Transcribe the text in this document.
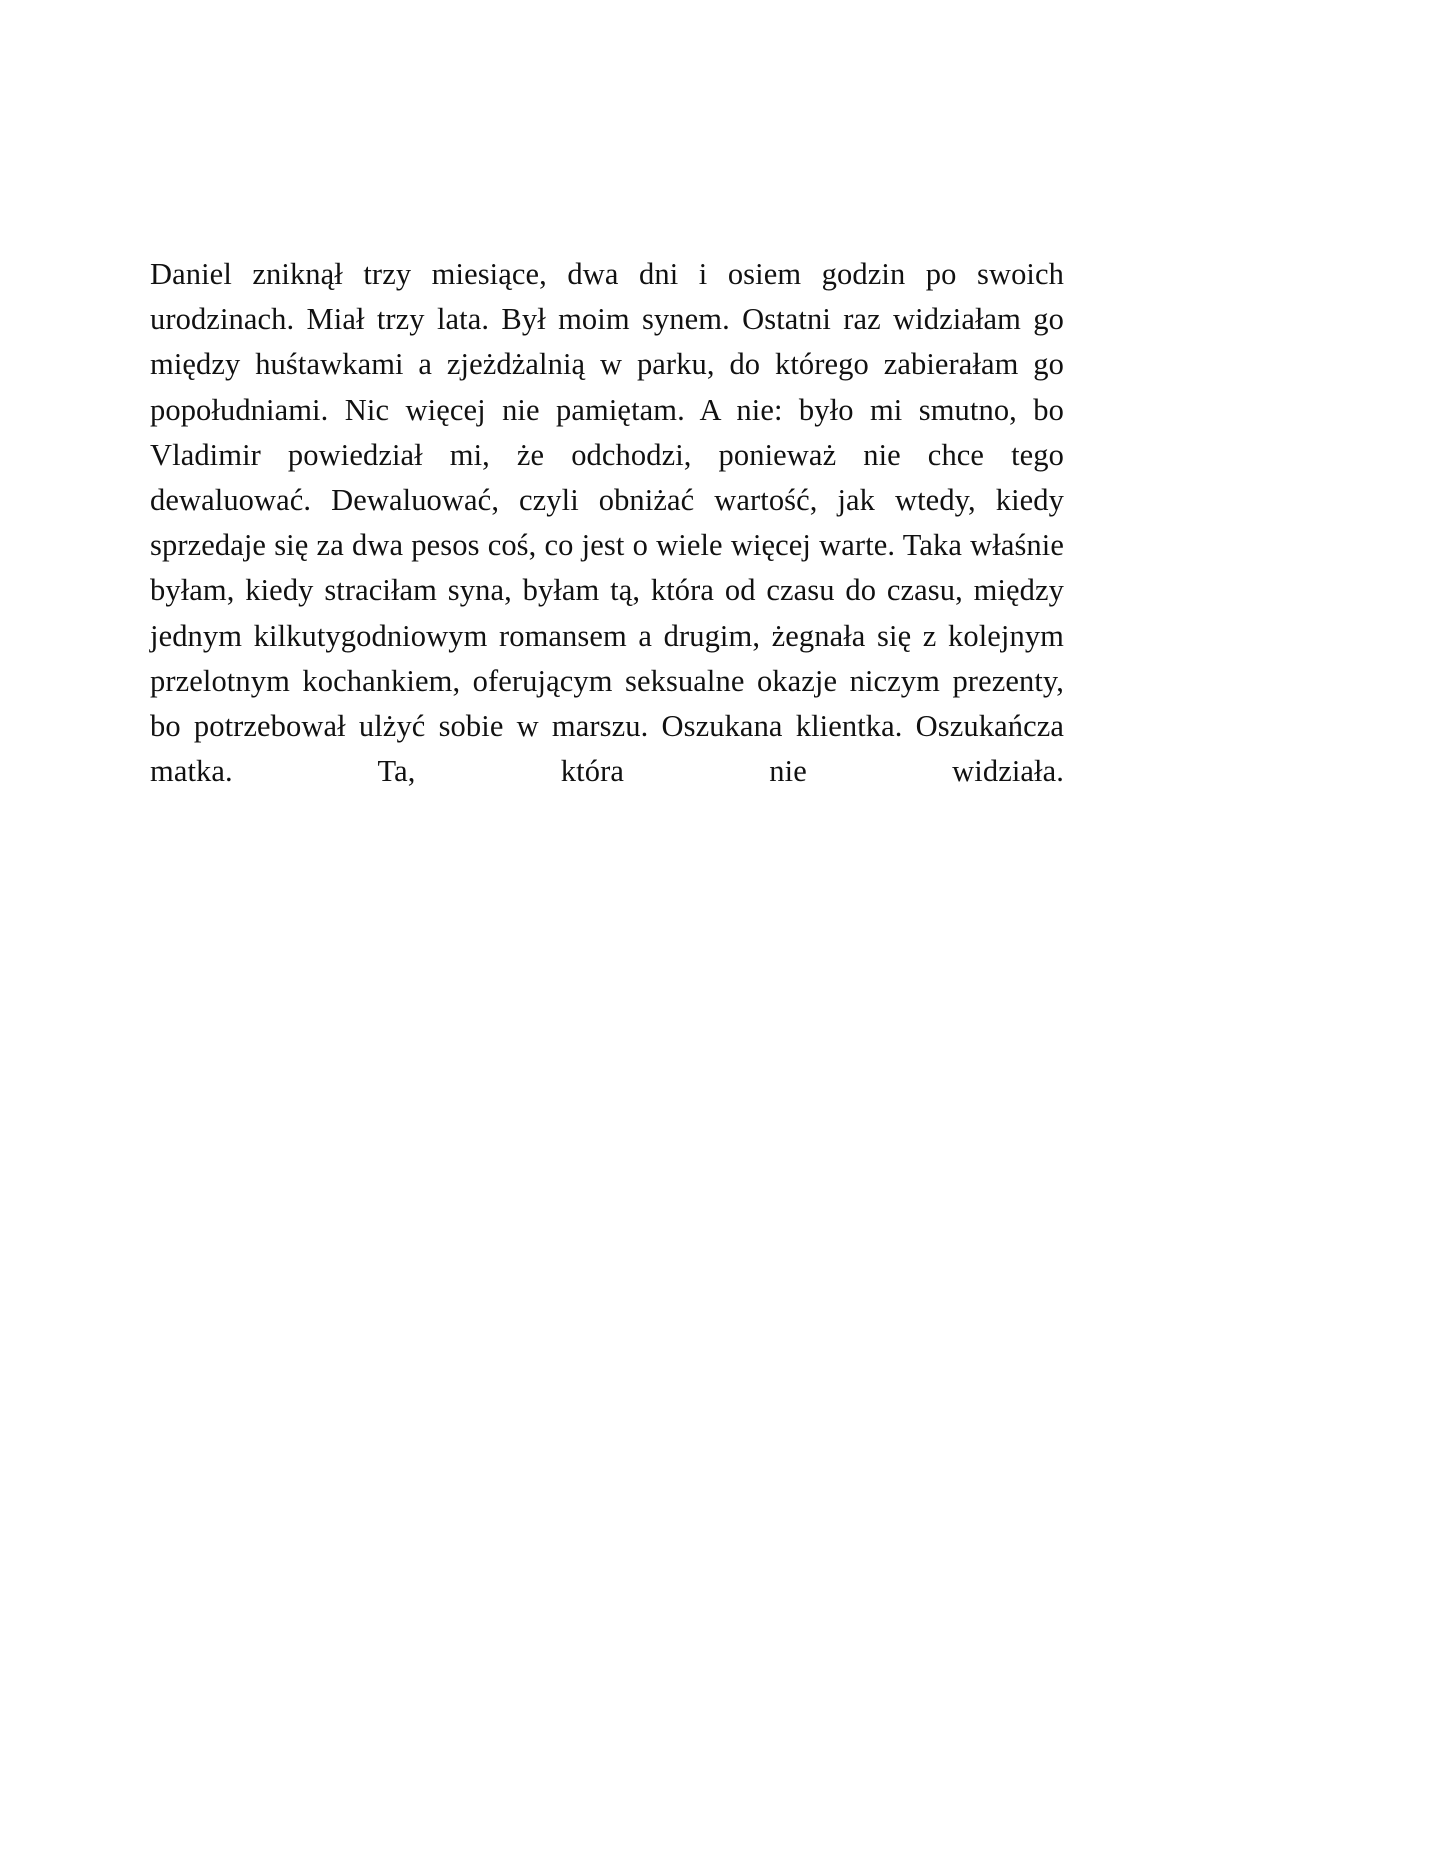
Daniel zniknął trzy miesiące, dwa dni i osiem godzin po swoich urodzinach. Miał trzy lata. Był moim synem. Ostatni raz widziałam go między huśtawkami a zjeżdżalnią w parku, do którego zabierałam go popołudniami. Nic więcej nie pamiętam. A nie: było mi smutno, bo Vladimir powiedział mi, że odchodzi, ponieważ nie chce tego dewaluować. Dewaluować, czyli obniżać wartość, jak wtedy, kiedy sprzedaje się za dwa pesos coś, co jest o wiele więcej warte. Taka właśnie byłam, kiedy straciłam syna, byłam tą, która od czasu do czasu, między jednym kilkutygodniowym romansem a drugim, żegnała się z kolejnym przelotnym kochankiem, oferującym seksualne okazje niczym prezenty, bo potrzebował ulżyć sobie w marszu. Oszukana klientka. Oszukańcza matka. Ta, która nie widziała.
